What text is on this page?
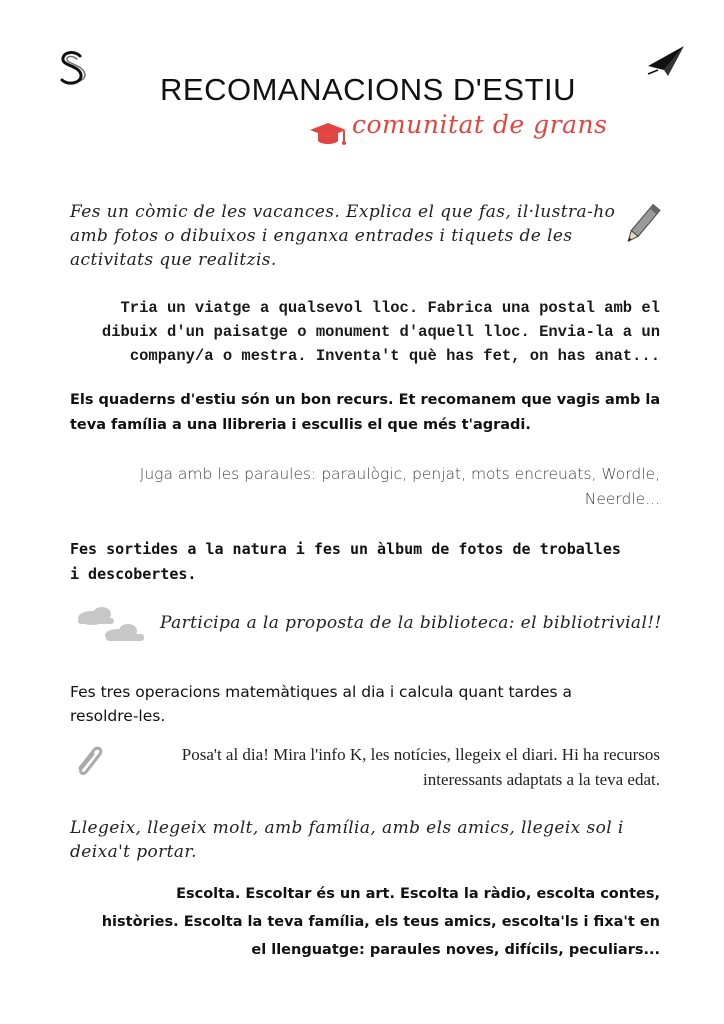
RECOMANACIONS D'ESTIU
comunitat de grans
Fes un còmic de les vacances. Explica el que fas, il·lustra-ho amb fotos o dibuixos i enganxa entrades i tiquets de les activitats que realitzis.
Tria un viatge a qualsevol lloc. Fabrica una postal amb el dibuix d'un paisatge o monument d'aquell lloc. Envia-la a un company/a o mestra. Inventa't què has fet, on has anat...
Els quaderns d'estiu són un bon recurs. Et recomanem que vagis amb la teva família a una llibreria i escullis el que més t'agradi.
Juga amb les paraules: paraulògic, penjat, mots encreuats, Wordle, Neerdle...
Fes sortides a la natura i fes un àlbum de fotos de troballes i descobertes.
Participa a la proposta de la biblioteca: el bibliotrivial!!
Fes tres operacions matemàtiques al dia i calcula quant tardes a resoldre-les.
Posa't al dia! Mira l'info K, les notícies, llegeix el diari. Hi ha recursos interessants adaptats a la teva edat.
Llegeix, llegeix molt, amb família, amb els amics, llegeix sol i deixa't portar.
Escolta. Escoltar és un art. Escolta la ràdio, escolta contes, històries. Escolta la teva família, els teus amics, escolta'ls i fixa't en el llenguatge: paraules noves, difícils, peculiars...
